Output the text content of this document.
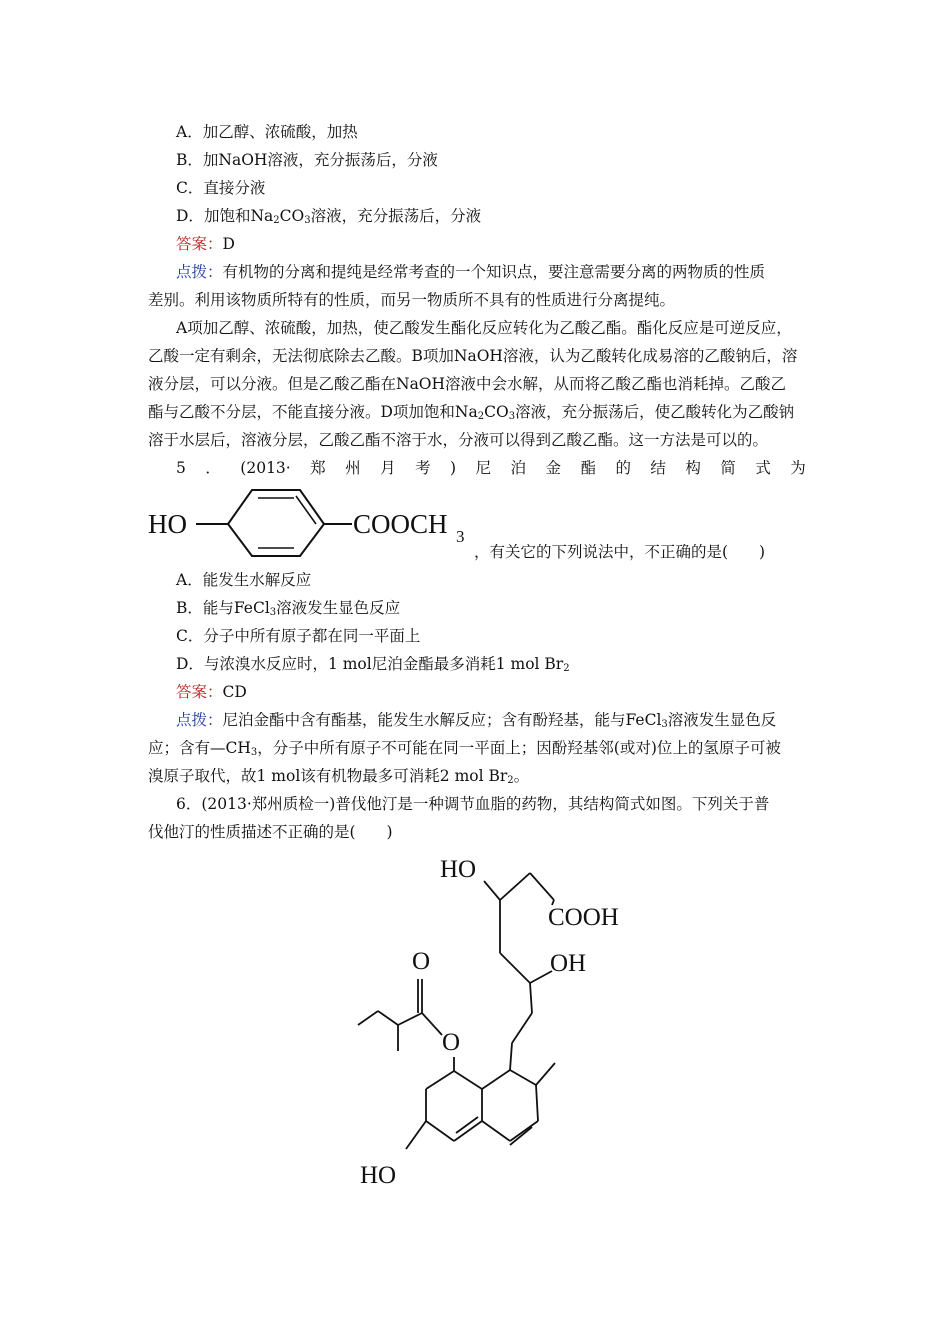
A．加乙醇、浓硫酸，加热
B．加NaOH溶液，充分振荡后，分液
C．直接分液
D．加饱和$Na_2CO_3$溶液，充分振荡后，分液
答案：D
点拨：有机物的分离和提纯是经常考查的一个知识点，要注意需要分离的两物质的性质
差别。利用该物质所特有的性质，而另一物质所不具有的性质进行分离提纯。
A项加乙醇、浓硫酸，加热，使乙酸发生酯化反应转化为乙酸乙酯。酯化反应是可逆反应，
乙酸一定有剩余，无法彻底除去乙酸。B项加NaOH溶液，认为乙酸转化成易溶的乙酸钠后，溶
液分层，可以分液。但是乙酸乙酯在NaOH溶液中会水解，从而将乙酸乙酯也消耗掉。乙酸乙
酯与乙酸不分层，不能直接分液。D项加饱和$Na_2CO_3$溶液，充分振荡后，使乙酸转化为乙酸钠
溶于水层后，溶液分层，乙酸乙酯不溶于水，分液可以得到乙酸乙酯。这一方法是可以的。
5 ． (2013· 郑 州 月 考 ) 尼 泊 金 酯 的 结 构 简 式 为
HO	COOCH 3
，有关它的下列说法中，不正确的是(　　)
A．能发生水解反应
B．能与FeCl$_3$溶液发生显色反应
C．分子中所有原子都在同一平面上
D．与浓溴水反应时，1 mol尼泊金酯最多消耗1 mol $Br_2$
答案：CD
点拨：尼泊金酯中含有酯基，能发生水解反应；含有酚羟基，能与FeCl$_3$溶液发生显色反
应；含有$—CH_3$，分子中所有原子不可能在同一平面上；因酚羟基邻(或对)位上的氢原子可被
溴原子取代，故1 mol该有机物最多可消耗2 mol $Br_2$。
6．(2013·郑州质检一)普伐他汀是一种调节血脂的药物，其结构简式如图。下列关于普
伐他汀的性质描述不正确的是(　　)
HO
COOH
OH
O
O
HO
